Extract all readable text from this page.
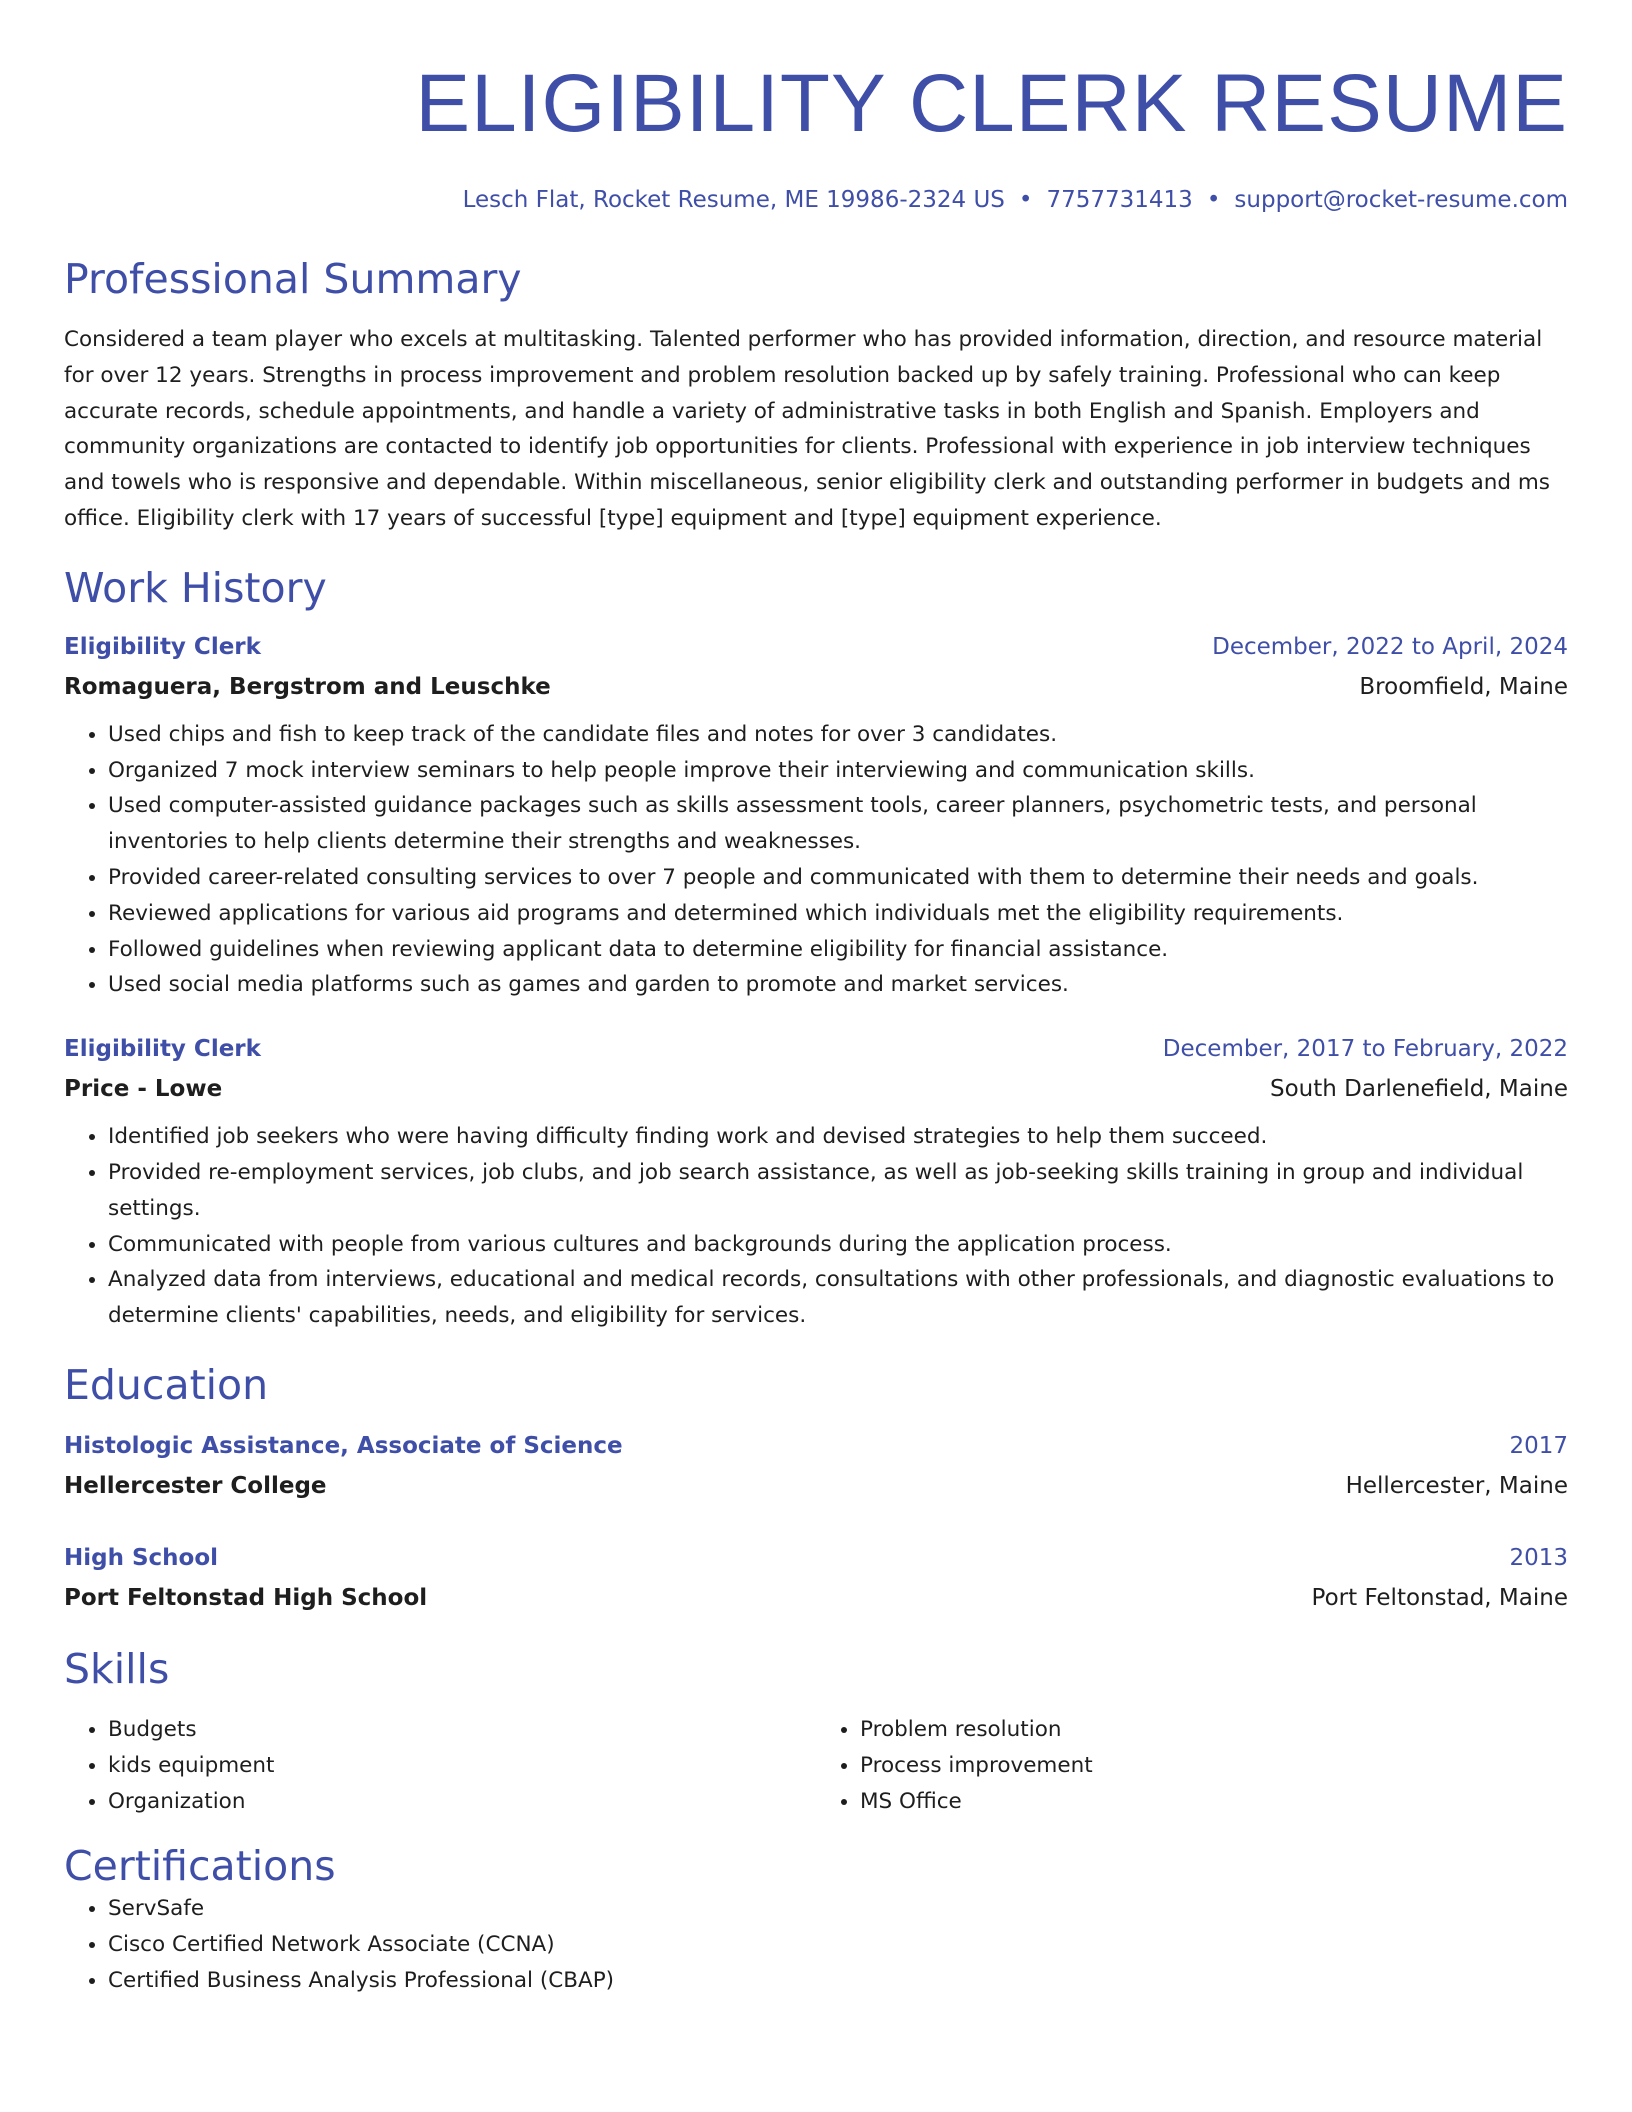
ELIGIBILITY CLERK RESUME
Lesch Flat, Rocket Resume, ME 19986-2324 US • 7757731413 • support@rocket-resume.com
Professional Summary
Considered a team player who excels at multitasking. Talented performer who has provided information, direction, and resource material for over 12 years. Strengths in process improvement and problem resolution backed up by safely training. Professional who can keep accurate records, schedule appointments, and handle a variety of administrative tasks in both English and Spanish. Employers and community organizations are contacted to identify job opportunities for clients. Professional with experience in job interview techniques and towels who is responsive and dependable. Within miscellaneous, senior eligibility clerk and outstanding performer in budgets and ms office. Eligibility clerk with 17 years of successful [type] equipment and [type] equipment experience.
Work History
Eligibility Clerk	December, 2022 to April, 2024
Romaguera, Bergstrom and Leuschke	Broomfield, Maine
• Used chips and fish to keep track of the candidate files and notes for over 3 candidates.
• Organized 7 mock interview seminars to help people improve their interviewing and communication skills.
• Used computer-assisted guidance packages such as skills assessment tools, career planners, psychometric tests, and personal inventories to help clients determine their strengths and weaknesses.
• Provided career-related consulting services to over 7 people and communicated with them to determine their needs and goals.
• Reviewed applications for various aid programs and determined which individuals met the eligibility requirements.
• Followed guidelines when reviewing applicant data to determine eligibility for financial assistance.
• Used social media platforms such as games and garden to promote and market services.
Eligibility Clerk	December, 2017 to February, 2022
Price - Lowe	South Darlenefield, Maine
• Identified job seekers who were having difficulty finding work and devised strategies to help them succeed.
• Provided re-employment services, job clubs, and job search assistance, as well as job-seeking skills training in group and individual settings.
• Communicated with people from various cultures and backgrounds during the application process.
• Analyzed data from interviews, educational and medical records, consultations with other professionals, and diagnostic evaluations to determine clients' capabilities, needs, and eligibility for services.
Education
Histologic Assistance, Associate of Science	2017
Hellercester College	Hellercester, Maine
High School	2013
Port Feltonstad High School	Port Feltonstad, Maine
Skills
• Budgets
• kids equipment
• Organization
• Problem resolution
• Process improvement
• MS Office
Certifications
• ServSafe
• Cisco Certified Network Associate (CCNA)
• Certified Business Analysis Professional (CBAP)
